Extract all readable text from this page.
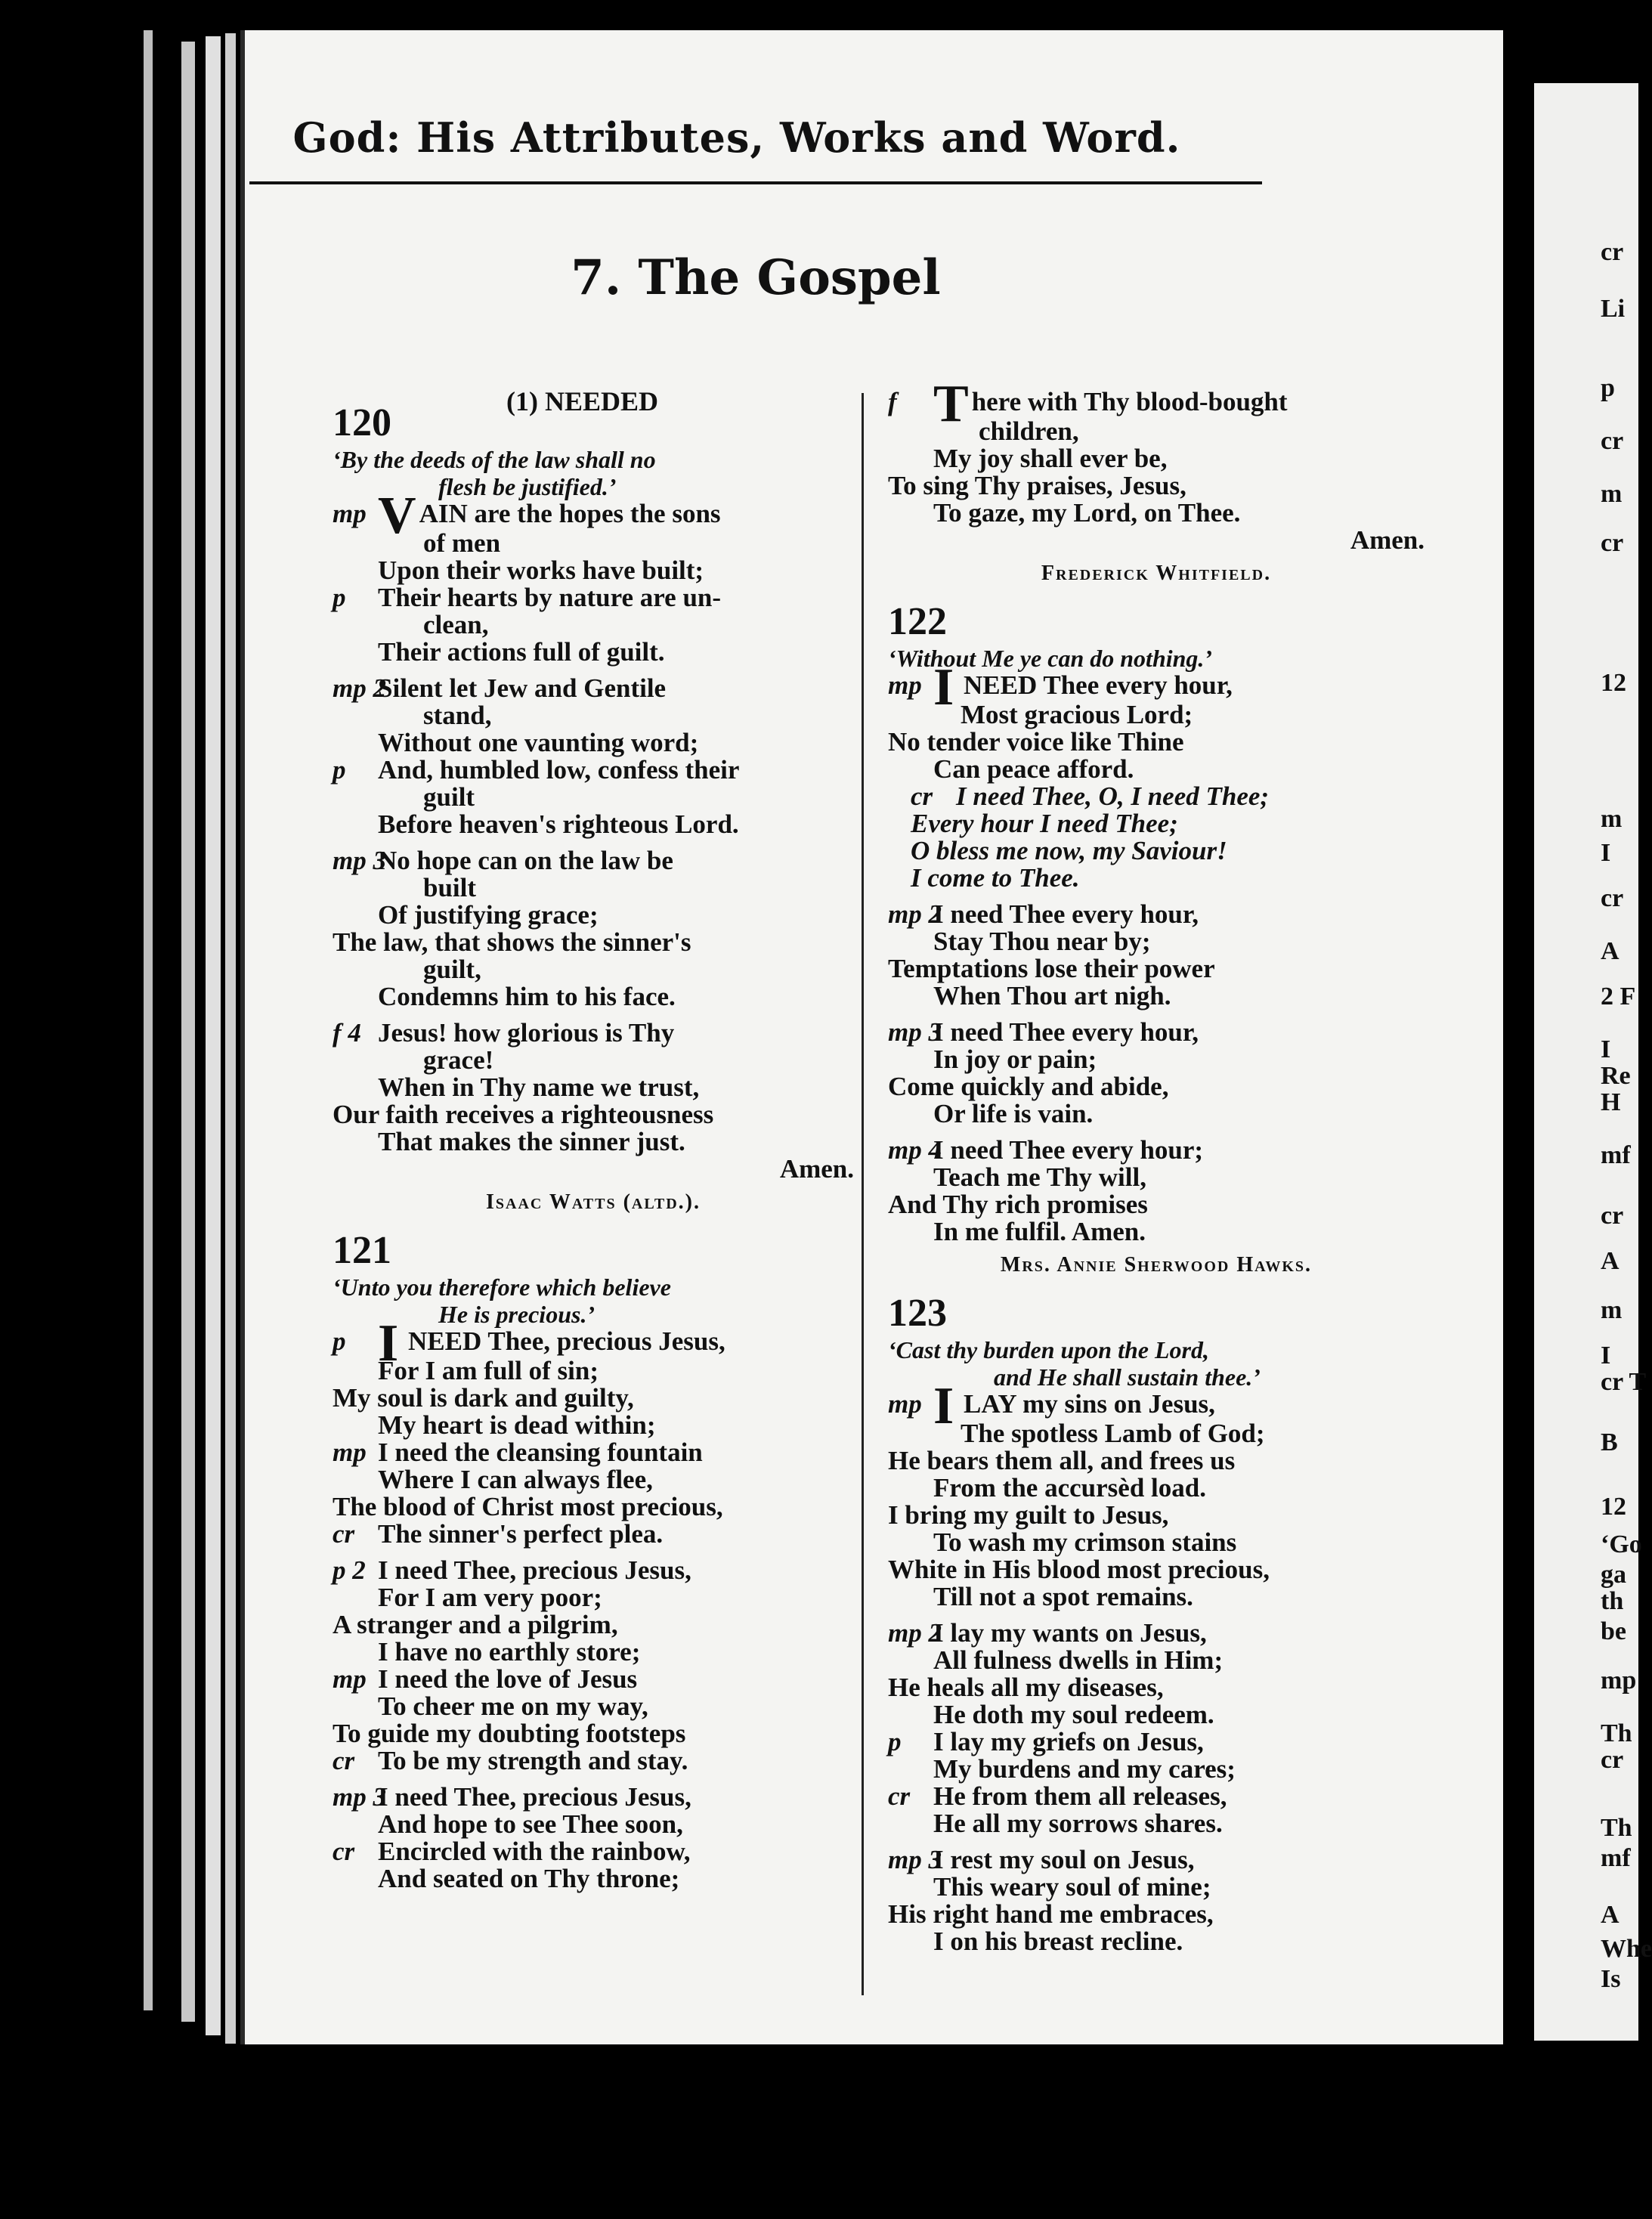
God: His Attributes, Works and Word.
7. The Gospel
(1) NEEDED

120

‘By the deeds of the law shall no
flesh be justified.’

mpV AIN are the hopes the sons

of men

Upon their works have built;

pTheir hearts by nature are un-

clean,

Their actions full of guilt.

mp 2Silent let Jew and Gentile

stand,

Without one vaunting word;

pAnd, humbled low, confess their

guilt

Before heaven's righteous Lord.

mp 3No hope can on the law be

built

Of justifying grace;

The law, that shows the sinner's

guilt,

Condemns him to his face.

f 4Jesus! how glorious is Thy

grace!

When in Thy name we trust,

Our faith receives a righteousness

That makes the sinner just.

Amen.

Isaac Watts (altd.).

121

‘Unto you therefore which believe
He is precious.’

pI NEED Thee, precious Jesus,

For I am full of sin;

My soul is dark and guilty,

My heart is dead within;

mpI need the cleansing fountain

Where I can always flee,

The blood of Christ most precious,

crThe sinner's perfect plea.

p 2I need Thee, precious Jesus,

For I am very poor;

A stranger and a pilgrim,

I have no earthly store;

mpI need the love of Jesus

To cheer me on my way,

To guide my doubting footsteps

crTo be my strength and stay.

mp 3I need Thee, precious Jesus,

And hope to see Thee soon,

crEncircled with the rainbow,

And seated on Thy throne;

fT here with Thy blood-bought

children,

My joy shall ever be,

To sing Thy praises, Jesus,

To gaze, my Lord, on Thee.

Amen.

Frederick Whitfield.

122

‘Without Me ye can do nothing.’

mpI NEED Thee every hour,

Most gracious Lord;

No tender voice like Thine

Can peace afford.

crI need Thee, O, I need Thee;

Every hour I need Thee;

O bless me now, my Saviour!

I come to Thee.

mp 2I need Thee every hour,

Stay Thou near by;

Temptations lose their power

When Thou art nigh.

mp 3I need Thee every hour,

In joy or pain;

Come quickly and abide,

Or life is vain.

mp 4I need Thee every hour;

Teach me Thy will,

And Thy rich promises

In me fulfil. Amen.

Mrs. Annie Sherwood Hawks.

123

‘Cast thy burden upon the Lord,
and He shall sustain thee.’

mpI LAY my sins on Jesus,

The spotless Lamb of God;

He bears them all, and frees us

From the accursèd load.

I bring my guilt to Jesus,

To wash my crimson stains

White in His blood most precious,

Till not a spot remains.

mp 2I lay my wants on Jesus,

All fulness dwells in Him;

He heals all my diseases,

He doth my soul redeem.

pI lay my griefs on Jesus,

My burdens and my cares;

crHe from them all releases,

He all my sorrows shares.

mp 3I rest my soul on Jesus,

This weary soul of mine;

His right hand me embraces,

I on his breast recline.

cr
Li
p
cr
m
cr
12
m
I
cr
A
2 F
I
Re
H
mf
cr
A
m
I
cr T
B
12
‘Go
ga
th
be
mp
Th
cr
Th
mf
A
Whe
Is
